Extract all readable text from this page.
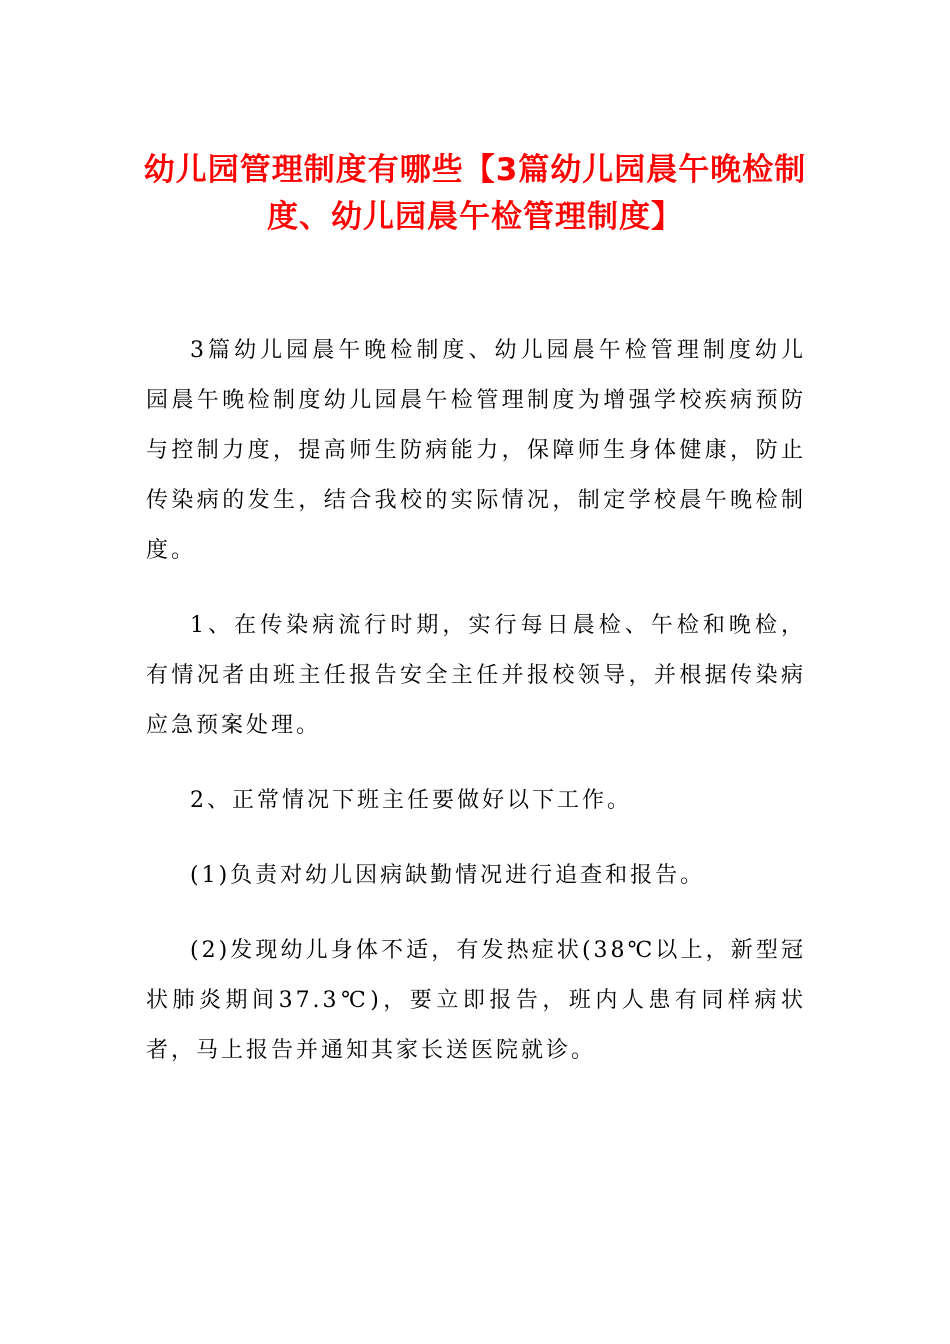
幼儿园管理制度有哪些【3篇幼儿园晨午晚检制度、幼儿园晨午检管理制度】

3篇幼儿园晨午晚检制度、幼儿园晨午检管理制度幼儿园晨午晚检制度幼儿园晨午检管理制度为增强学校疾病预防与控制力度，提高师生防病能力，保障师生身体健康，防止传染病的发生，结合我校的实际情况，制定学校晨午晚检制度。

1、在传染病流行时期，实行每日晨检、午检和晚检，有情况者由班主任报告安全主任并报校领导，并根据传染病应急预案处理。

2、正常情况下班主任要做好以下工作。

(1)负责对幼儿因病缺勤情况进行追查和报告。

(2)发现幼儿身体不适，有发热症状(38℃以上，新型冠状肺炎期间37.3℃)，要立即报告，班内人患有同样病状者，马上报告并通知其家长送医院就诊。
